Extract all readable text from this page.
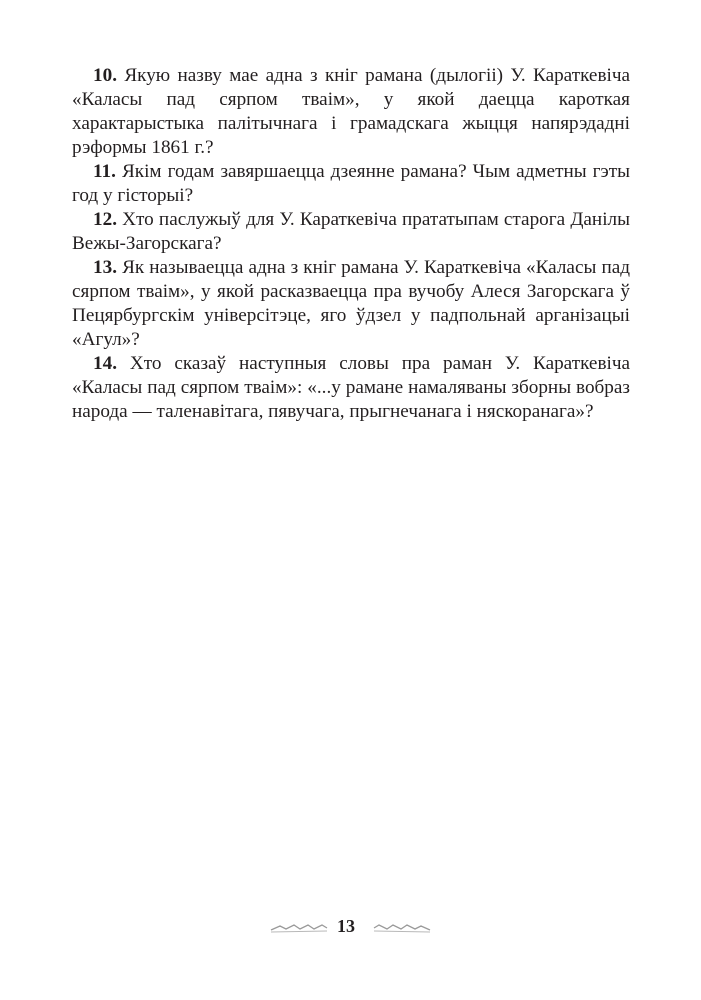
10. Якую назву мае адна з кніг рамана (дылогіі) У. Караткевіча «Каласы пад сярпом тваім», у якой даецца кароткая характарыстыка палітычнага і грамадскага жыцця напярэдадні рэформы 1861 г.?

11. Якім годам завяршаецца дзеянне рамана? Чым адметны гэты год у гісторыі?

12. Хто паслужыў для У. Караткевіча прататыпам старога Данілы Вежы-Загорскага?

13. Як называецца адна з кніг рамана У. Караткевіча «Каласы пад сярпом тваім», у якой расказваецца пра вучобу Алеся Загорскага ў Пецярбургскім універсітэце, яго ўдзел у падпольнай арганізацыі «Агул»?

14. Хто сказаў наступныя словы пра раман У. Караткевіча «Каласы пад сярпом тваім»: «...у рамане намаляваны зборны вобраз народа — таленавітага, пявучага, прыгнечанага і няскоранага»?

13
